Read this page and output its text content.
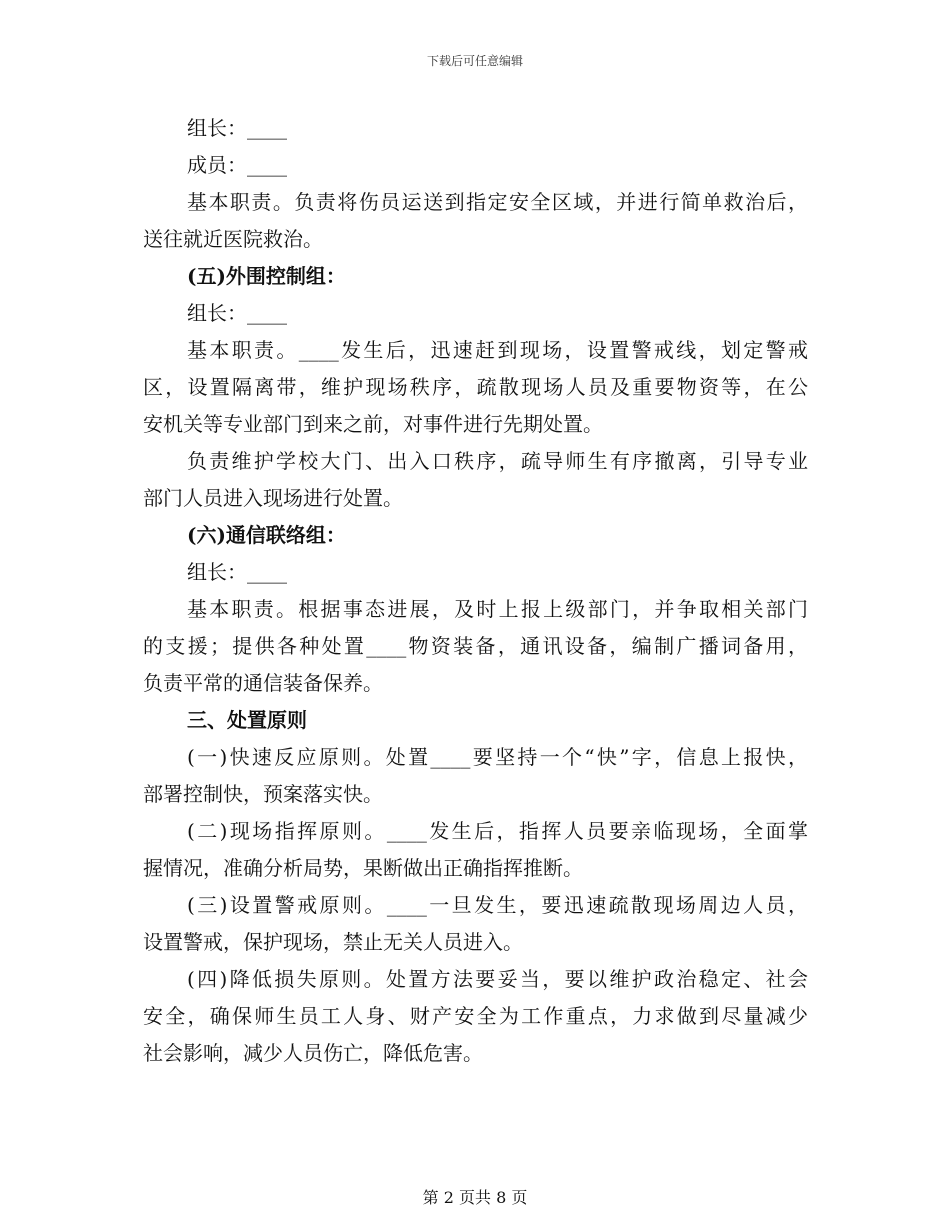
下载后可任意编辑
组长：____
成员：____
基本职责。负责将伤员运送到指定安全区域，并进行简单救治后，
送往就近医院救治。
(五)外围控制组：
组长：____
基本职责。____发生后，迅速赶到现场，设置警戒线，划定警戒
区，设置隔离带，维护现场秩序，疏散现场人员及重要物资等，在公
安机关等专业部门到来之前，对事件进行先期处置。
负责维护学校大门、出入口秩序，疏导师生有序撤离，引导专业
部门人员进入现场进行处置。
(六)通信联络组：
组长：____
基本职责。根据事态进展，及时上报上级部门，并争取相关部门
的支援；提供各种处置____物资装备，通讯设备，编制广播词备用，
负责平常的通信装备保养。
三、处置原则
(一)快速反应原则。处置____要坚持一个“快”字，信息上报快，
部署控制快，预案落实快。
(二)现场指挥原则。____发生后，指挥人员要亲临现场，全面掌
握情况，准确分析局势，果断做出正确指挥推断。
(三)设置警戒原则。____一旦发生，要迅速疏散现场周边人员，
设置警戒，保护现场，禁止无关人员进入。
(四)降低损失原则。处置方法要妥当，要以维护政治稳定、社会
安全，确保师生员工人身、财产安全为工作重点，力求做到尽量减少
社会影响，减少人员伤亡，降低危害。
第 2 页共 8 页
